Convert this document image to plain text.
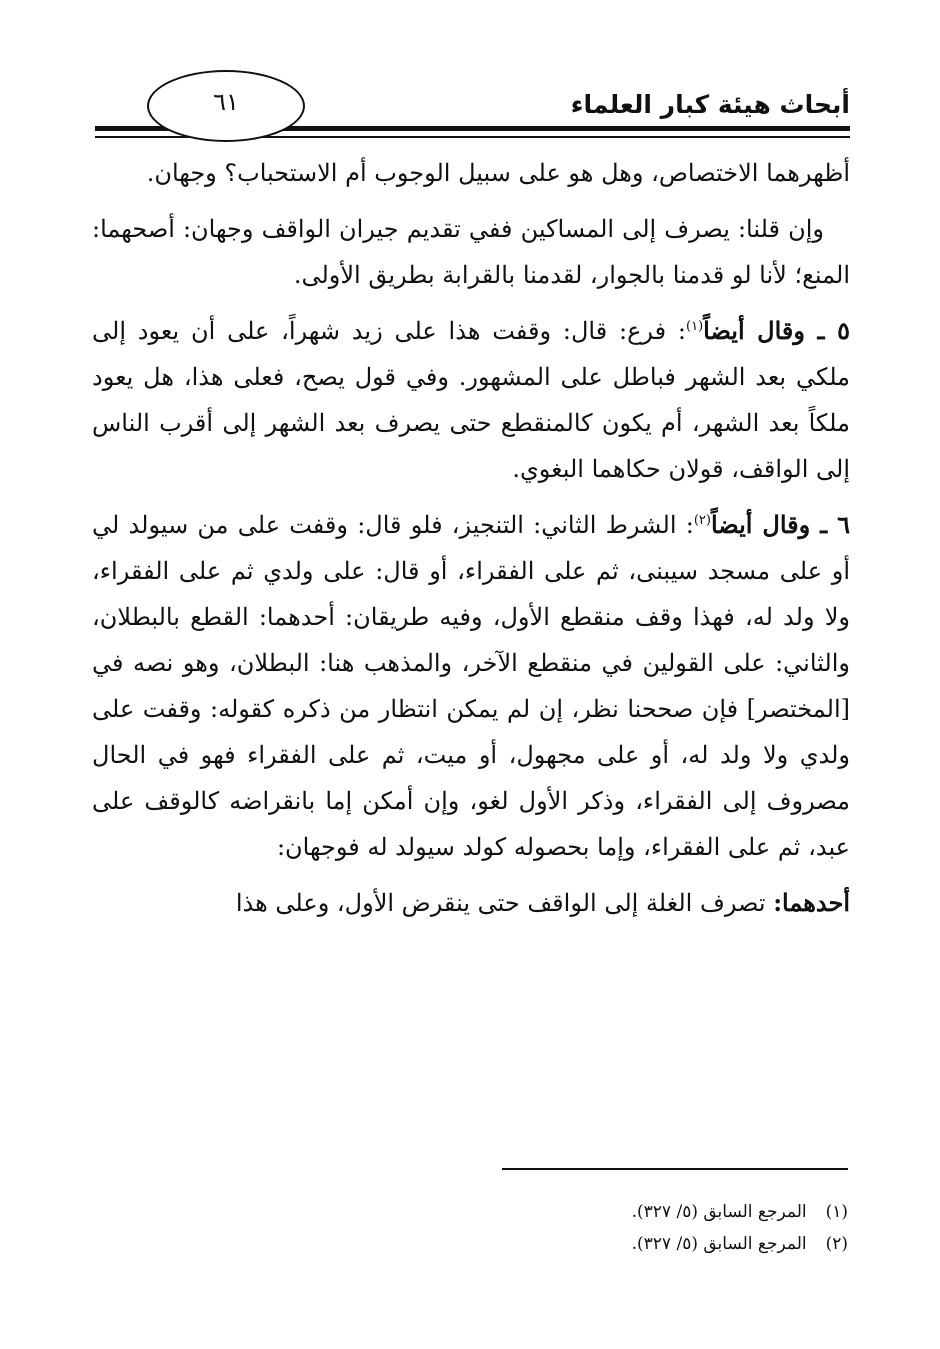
أبحاث هيئة كبار العلماء
٦١

أظهرهما الاختصاص، وهل هو على سبيل الوجوب أم الاستحباب؟ وجهان.

وإن قلنا: يصرف إلى المساكين ففي تقديم جيران الواقف وجهان: أصحهما: المنع؛ لأنا لو قدمنا بالجوار، لقدمنا بالقرابة بطريق الأولى.

٥ ـ وقال أيضاً$^{(١)}$: فرع: قال: وقفت هذا على زيد شهراً، على أن يعود إلى ملكي بعد الشهر فباطل على المشهور. وفي قول يصح، فعلى هذا، هل يعود ملكاً بعد الشهر، أم يكون كالمنقطع حتى يصرف بعد الشهر إلى أقرب الناس إلى الواقف، قولان حكاهما البغوي.

٦ ـ وقال أيضاً$^{(٢)}$: الشرط الثاني: التنجيز، فلو قال: وقفت على من سيولد لي أو على مسجد سيبنى، ثم على الفقراء، أو قال: على ولدي ثم على الفقراء، ولا ولد له، فهذا وقف منقطع الأول، وفيه طريقان: أحدهما: القطع بالبطلان، والثاني: على القولين في منقطع الآخر، والمذهب هنا: البطلان، وهو نصه في [المختصر] فإن صححنا نظر، إن لم يمكن انتظار من ذكره كقوله: وقفت على ولدي ولا ولد له، أو على مجهول، أو ميت، ثم على الفقراء فهو في الحال مصروف إلى الفقراء، وذكر الأول لغو، وإن أمكن إما بانقراضه كالوقف على عبد، ثم على الفقراء، وإما بحصوله كولد سيولد له فوجهان:

أحدهما: تصرف الغلة إلى الواقف حتى ينقرض الأول، وعلى هذا

(١) المرجع السابق (٥/ ٣٢٧).
(٢) المرجع السابق (٥/ ٣٢٧).
